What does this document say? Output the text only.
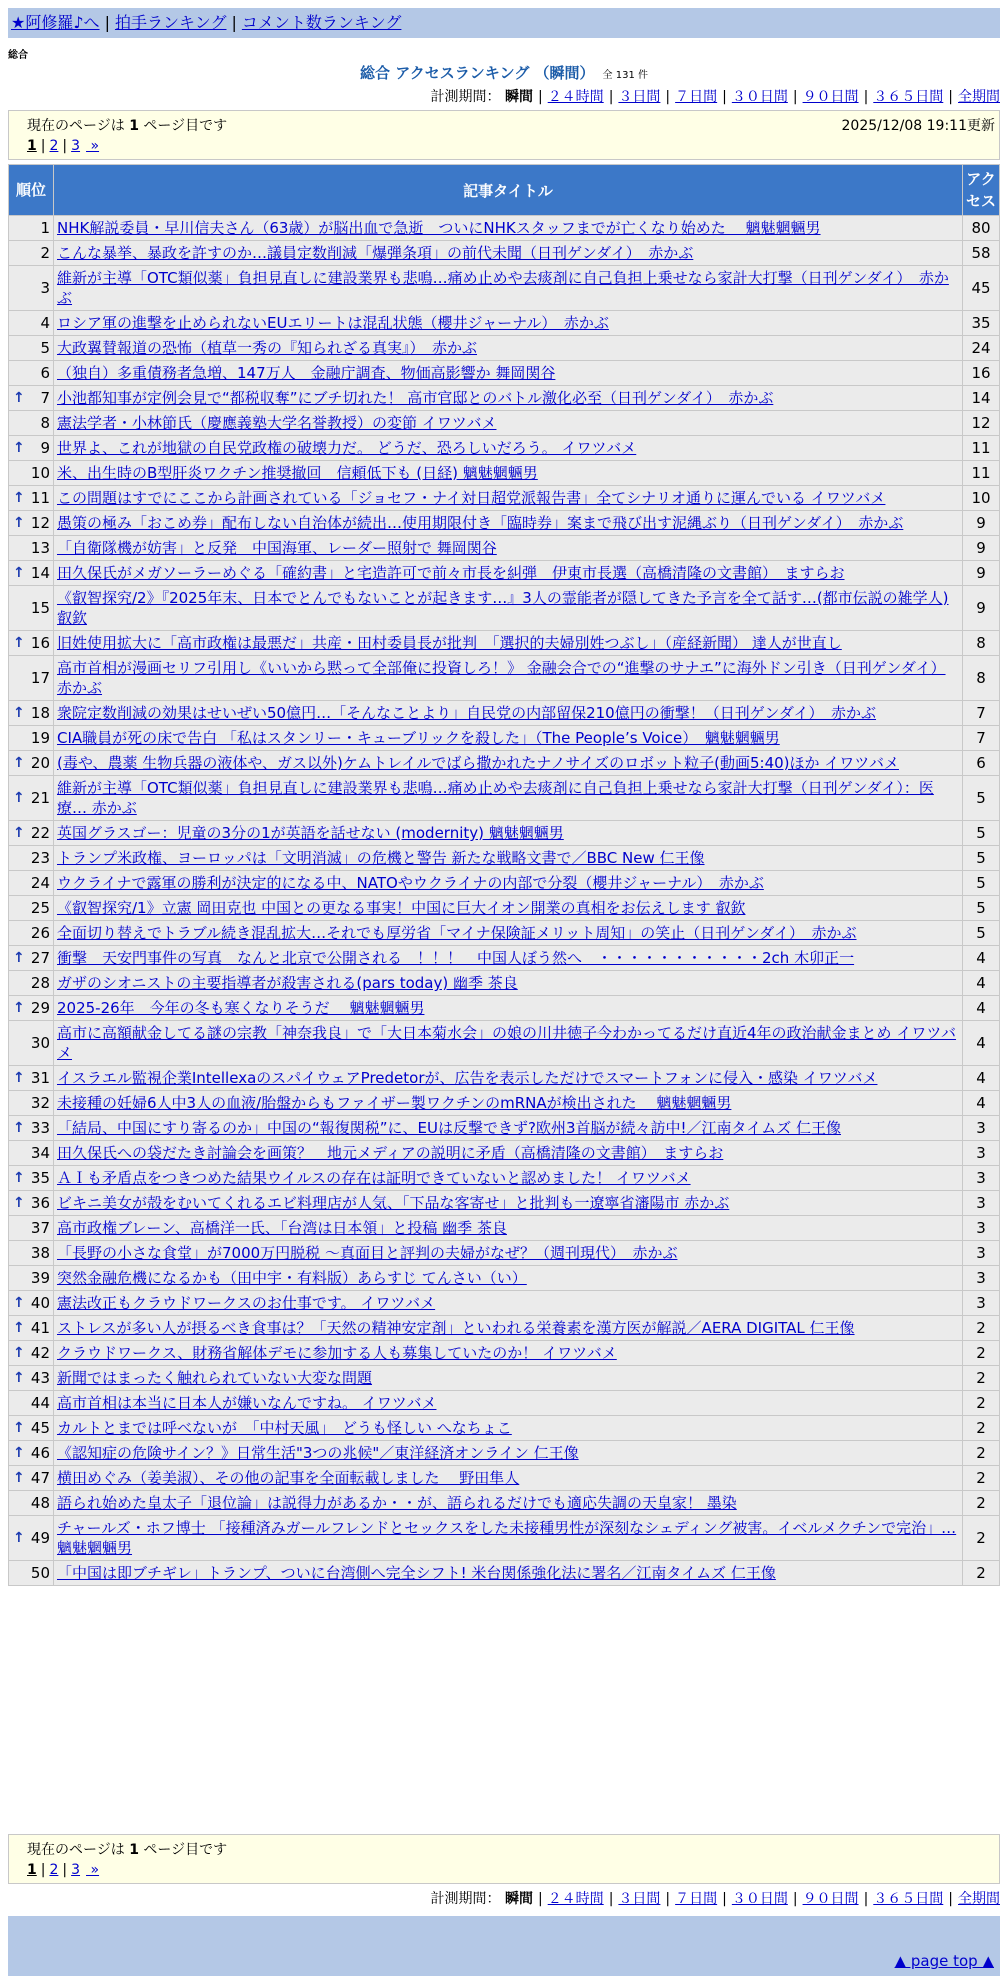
★阿修羅♪へ | 拍手ランキング | コメント数ランキング
総合
総合 アクセスランキング （瞬間） 全 131 件
計測期間： 瞬間 | ２４時間 | ３日間 | ７日間 | ３０日間 | ９０日間 | ３６５日間 | 全期間
現在のページは 1 ページ目です	2025/12/08 19:11更新
1 | 2 | 3 »
順位	記事タイトル	アクセス
1	NHK解説委員・早川信夫さん（63歳）が脳出血で急逝　ついにNHKスタッフまでが亡くなり始めた　 魑魅魍魎男	80
2	こんな暴挙、暴政を許すのか…議員定数削減「爆弾条項」の前代未聞（日刊ゲンダイ）　赤かぶ	58
3	維新が主導「OTC類似薬」負担見直しに建設業界も悲鳴…痛め止めや去痰剤に自己負担上乗せなら家計大打撃（日刊ゲンダイ）　赤かぶ	45
4	ロシア軍の進撃を止められないEUエリートは混乱状態（櫻井ジャーナル）　赤かぶ	35
5	大政翼賛報道の恐怖（植草一秀の『知られざる真実』）　赤かぶ	24
6	（独自）多重債務者急増、147万人　金融庁調査、物価高影響か 舞岡関谷	16

↑ 7	小池都知事が定例会見で“都税収奪”にブチ切れた！ 高市官邸とのバトル激化必至（日刊ゲンダイ）　赤かぶ	14
8	憲法学者・小林節氏（慶應義塾大学名誉教授）の変節 イワツバメ	12

↑ 9	世界よ、これが地獄の自民党政権の破壊力だ。 どうだ、恐ろしいだろう。 イワツバメ	11
10	米、出生時のB型肝炎ワクチン推奨撤回　信頼低下も (日経) 魑魅魍魎男	11

↑ 11	この問題はすでにここから計画されている「ジョセフ・ナイ対日超党派報告書」全てシナリオ通りに運んでいる イワツバメ	10

↑ 12	愚策の極み「おこめ券」配布しない自治体が続出…使用期限付き「臨時券」案まで飛び出す泥縄ぶり（日刊ゲンダイ）　赤かぶ	9
13	「自衛隊機が妨害」と反発　中国海軍、レーダー照射で 舞岡関谷	9

↑ 14	田久保氏がメガソーラーめぐる「確約書」と宅造許可で前々市長を糾弾　伊東市長選（高橋清隆の文書館）　ますらお	9
15	《叡智探究/2》『2025年末、日本でとんでもないことが起きます…』3人の霊能者が隠してきた予言を全て話す…(都市伝説の雑学人) 叡欽	9

↑ 16	旧姓使用拡大に「高市政権は最悪だ」共産・田村委員長が批判　「選択的夫婦別姓つぶし」（産経新聞） 達人が世直し	8
17	高市首相が漫画セリフ引用し《いいから黙って全部俺に投資しろ！》 金融会合での“進撃のサナエ”に海外ドン引き（日刊ゲンダイ） 赤かぶ	8

↑ 18	衆院定数削減の効果はせいぜい50億円…「そんなことより」自民党の内部留保210億円の衝撃！（日刊ゲンダイ）　赤かぶ	7
19	CIA職員が死の床で告白 「私はスタンリー・キューブリックを殺した」（The People’s Voice）　魑魅魍魎男	7

↑ 20	(毒や、農薬 生物兵器の液体や、ガス以外)ケムトレイルでばら撒かれたナノサイズのロボット粒子(動画5:40)ほか イワツバメ	6

↑ 21	維新が主導「OTC類似薬」負担見直しに建設業界も悲鳴…痛め止めや去痰剤に自己負担上乗せなら家計大打撃（日刊ゲンダイ）：医療… 赤かぶ	5

↑ 22	英国グラスゴー：児童の3分の1が英語を話せない (modernity) 魑魅魍魎男	5
23	トランプ米政権、ヨーロッパは「文明消滅」の危機と警告 新たな戦略文書で／BBC New 仁王像	5
24	ウクライナで露軍の勝利が決定的になる中、NATOやウクライナの内部で分裂（櫻井ジャーナル）　赤かぶ	5
25	《叡智探究/1》立憲 岡田克也 中国との更なる事実！中国に巨大イオン開業の真相をお伝えします 叡欽	5
26	全面切り替えでトラブル続き混乱拡大…それでも厚労省「マイナ保険証メリット周知」の笑止（日刊ゲンダイ）　赤かぶ	5

↑ 27	衝撃　天安門事件の写真　なんと北京で公開される　！！！　中国人ぼう然へ　・・・・・・・・・・・2ch 木卯正一	4
28	ガザのシオニストの主要指導者が殺害される(pars today) 幽季 茶良	4

↑ 29	2025-26年　今年の冬も寒くなりそうだ　 魑魅魍魎男	4
30	高市に高額献金してる謎の宗教「神奈我良」で「大日本菊水会」の娘の川井徳子今わかってるだけ直近4年の政治献金まとめ イワツバメ	4

↑ 31	イスラエル監視企業IntellexaのスパイウェアPredetorが、広告を表示しただけでスマートフォンに侵入・感染 イワツバメ	4
32	未接種の妊婦6人中3人の血液/胎盤からもファイザー製ワクチンのmRNAが検出された　 魑魅魍魎男	4

↑ 33	「結局、中国にすり寄るのか」中国の“報復関税”に、EUは反撃できず?欧州3首脳が続々訪中!／江南タイムズ 仁王像	3
34	田久保氏への袋だたき討論会を画策？　地元メディアの説明に矛盾（高橋清隆の文書館）　ますらお	3

↑ 35	ＡＩも矛盾点をつきつめた結果ウイルスの存在は証明できていないと認めました！ イワツバメ	3

↑ 36	ビキニ美女が殻をむいてくれるエビ料理店が人気、「下品な客寄せ」と批判も一遼寧省瀋陽市 赤かぶ	3
37	高市政権ブレーン、高橋洋一氏、「台湾は日本領」と投稿 幽季 茶良	3
38	「長野の小さな食堂」が7000万円脱税 ～真面目と評判の夫婦がなぜ？（週刊現代）　赤かぶ	3
39	突然金融危機になるかも（田中宇・有料版）あらすじ てんさい（い）	3

↑ 40	憲法改正もクラウドワークスのお仕事です。 イワツバメ	3

↑ 41	ストレスが多い人が摂るべき食事は？「天然の精神安定剤」といわれる栄養素を漢方医が解説／AERA DIGITAL 仁王像	2

↑ 42	クラウドワークス、財務省解体デモに参加する人も募集していたのか！ イワツバメ	2

↑ 43	新聞ではまったく触れられていない大変な問題	2
44	高市首相は本当に日本人が嫌いなんですね。 イワツバメ	2

↑ 45	カルトとまでは呼べないが　「中村天風」　どうも怪しい へなちょこ	2

↑ 46	《認知症の危険サイン？》日常生活"3つの兆候"／東洋経済オンライン 仁王像	2

↑ 47	横田めぐみ（姜美淑）、その他の記事を全面転載しました　 野田隼人	2
48	語られ始めた皇太子「退位論」は説得力があるか・・が、語られるだけでも適応失調の天皇家！ 墨染	2

↑ 49	チャールズ・ホフ博士 「接種済みガールフレンドとセックスをした未接種男性が深刻なシェディング被害。イベルメクチンで完治」… 魑魅魍魎男	2
50	「中国は即ブチギレ」トランプ、ついに台湾側へ完全シフト! 米台関係強化法に署名／江南タイムズ 仁王像	2
現在のページは 1 ページ目です
1 | 2 | 3 »
計測期間： 瞬間 | ２４時間 | ３日間 | ７日間 | ３０日間 | ９０日間 | ３６５日間 | 全期間
▲ page top ▲
